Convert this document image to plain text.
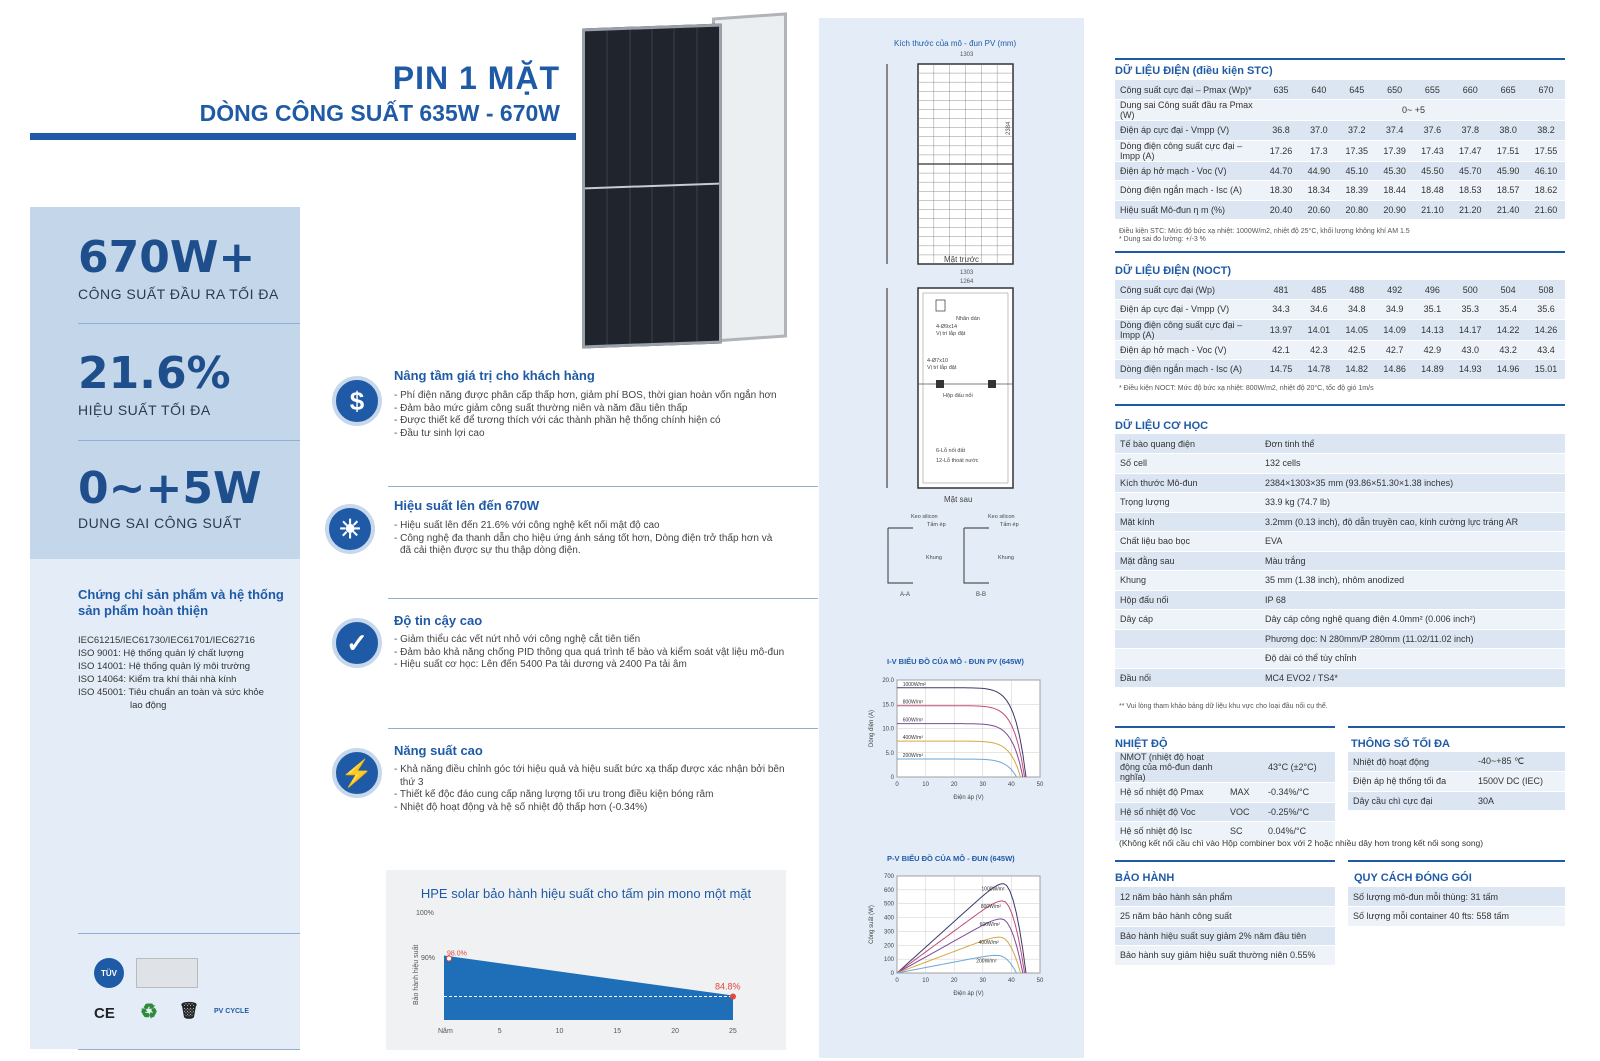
PIN 1 MẶT
DÒNG CÔNG SUẤT 635W - 670W
670W+
CÔNG SUẤT ĐẦU RA TỐI ĐA
21.6%
HIỆU SUẤT TỐI ĐA
0~+5W
DUNG SAI CÔNG SUẤT
Chứng chỉ sản phẩm và hệ thống sản phẩm hoàn thiện
IEC61215/IEC61730/IEC61701/IEC62716
ISO 9001: Hệ thống quản lý chất lượng
ISO 14001: Hệ thống quản lý môi trường
ISO 14064: Kiểm tra khí thải nhà kính
ISO 45001: Tiêu chuẩn an toàn và sức khỏe
lao động
TÜV
CE ♻ 🗑 PV CYCLE
$
Nâng tầm giá trị cho khách hàng
- Phí điện năng được phân cấp thấp hơn, giảm phí BOS, thời gian hoàn vốn ngắn hơn
- Đảm bảo mức giảm công suất thường niên và năm đầu tiên thấp
- Được thiết kế để tương thích với các thành phần hệ thống chính hiện có
- Đầu tư sinh lợi cao
☀
Hiệu suất lên đến 670W
- Hiệu suất lên đến 21.6% với công nghệ kết nối mật độ cao
- Công nghệ đa thanh dẫn cho hiệu ứng ánh sáng tốt hơn, Dòng điện trở thấp hơn và
đã cải thiện được sự thu thập dòng điện.
✓
Độ tin cậy cao
- Giảm thiểu các vết nứt nhỏ với công nghệ cắt tiên tiến
- Đảm bảo khả năng chống PID thông qua quá trình tế bào và kiểm soát vật liệu mô-đun
- Hiệu suất cơ học: Lên đến 5400 Pa tải dương và 2400 Pa tải âm
⚡
Năng suất cao
- Khả năng điều chỉnh góc tới hiệu quả và hiệu suất bức xạ thấp được xác nhận bởi bên
thứ 3
- Thiết kế độc đáo cung cấp năng lượng tối ưu trong điều kiện bóng râm
- Nhiệt độ hoạt động và hệ số nhiệt độ thấp hơn (-0.34%)
HPE solar bảo hành hiệu suất cho tấm pin mono một mặt
100%
90%
Bảo hành hiệu suất	98.0%
84.8%
Năm	5	10	15	20	25
Kích thước của mô - đun PV (mm)
1303
2384
Mặt trước
1303
1264
Nhãn dán
4-Ø9x14
Vị trí lắp đặt
4-Ø7x10
Vị trí lắp đặt
Hộp đấu nối
6-Lỗ nối đất
12-Lỗ thoát nước
Mặt sau
Keo silicon
Tấm ép
Khung
Keo silicon
Tấm ép
Khung
A-A	B-B
I-V BIỂU ĐỒ CỦA MÔ - ĐUN PV (645W)
0
5.0
10.0
15.0
20.0
0	10	20	30	40	50
Điện áp (V)
Dòng điện (A)
1000W/m²
800W/m²
600W/m²
400W/m²
200W/m²
P-V BIỂU ĐỒ CỦA MÔ - ĐUN (645W)
0
100
200
300
400
500
600
700
0	10	20	30	40	50
Điện áp (V)
Công suất (W)
1000W/m²
800W/m²
600W/m²
400W/m²
200W/m²
DỮ LIỆU ĐIỆN (điều kiện STC)
Công suất cực đại – Pmax (Wp)*	635	640	645	650	655	660	665	670
Dung sai Công suất đầu ra Pmax (W)	0~ +5							
Điện áp cực đại - Vmpp (V)	36.8	37.0	37.2	37.4	37.6	37.8	38.0	38.2
Dòng điện công suất cực đại – Impp (A)	17.26	17.3	17.35	17.39	17.43	17.47	17.51	17.55
Điện áp hở mạch - Voc (V)	44.70	44.90	45.10	45.30	45.50	45.70	45.90	46.10
Dòng điện ngắn mạch - Isc (A)	18.30	18.34	18.39	18.44	18.48	18.53	18.57	18.62
Hiệu suất Mô-đun η m (%)	20.40	20.60	20.80	20.90	21.10	21.20	21.40	21.60
Điều kiện STC: Mức độ bức xạ nhiệt: 1000W/m2, nhiệt độ 25°C, khối lượng không khí AM 1.5
* Dung sai đo lường: +/-3 %
DỮ LIỆU ĐIỆN (NOCT)
Công suất cực đại (Wp)	481	485	488	492	496	500	504	508
Điện áp cực đại - Vmpp (V)	34.3	34.6	34.8	34.9	35.1	35.3	35.4	35.6
Dòng điện công suất cực đại – Impp (A)	13.97	14.01	14.05	14.09	14.13	14.17	14.22	14.26
Điện áp hở mạch - Voc (V)	42.1	42.3	42.5	42.7	42.9	43.0	43.2	43.4
Dòng điện ngắn mạch - Isc (A)	14.75	14.78	14.82	14.86	14.89	14.93	14.96	15.01
* Điều kiện NOCT: Mức độ bức xạ nhiệt: 800W/m2, nhiệt độ 20°C, tốc độ gió 1m/s
DỮ LIỆU CƠ HỌC
Tế bào quang điện	Đơn tinh thể
Số cell	132 cells
Kích thước Mô-đun	2384×1303×35 mm (93.86×51.30×1.38 inches)
Trọng lượng	33.9 kg (74.7 lb)
Mặt kính	3.2mm (0.13 inch), độ dẫn truyền cao, kính cường lực tráng AR
Chất liệu bao bọc	EVA
Mặt đằng sau	Màu trắng
Khung	35 mm (1.38 inch), nhôm anodized
Hộp đấu nối	IP 68
Dây cáp	Dây cáp công nghệ quang điện 4.0mm² (0.006 inch²)
	Phương dọc: N 280mm/P 280mm (11.02/11.02 inch)
	Độ dài có thể tùy chỉnh
Đầu nối	MC4 EVO2 / TS4*
** Vui lòng tham khảo bảng dữ liệu khu vực cho loại đầu nối cụ thể.
NHIỆT ĐỘ
NMOT (nhiệt độ hoạt động của mô-đun danh nghĩa)		43°C (±2°C)
Hệ số nhiệt độ Pmax	MAX	-0.34%/°C
Hệ số nhiệt độ Voc	VOC	-0.25%/°C
Hệ số nhiệt độ Isc	SC	0.04%/°C
THÔNG SỐ TỐI ĐA
Nhiệt độ hoạt động	-40~+85 ℃
Điện áp hệ thống tối đa	1500V DC (IEC)
Dây cầu chì cực đại	30A
(Không kết nối cầu chì vào Hộp combiner box với 2 hoặc nhiều dây hơn trong kết nối song song)
BẢO HÀNH
12 năm bảo hành sản phẩm
25 năm bảo hành công suất
Bảo hành hiệu suất suy giảm 2% năm đầu tiên
Bảo hành suy giảm hiệu suất thường niên 0.55%
QUY CÁCH ĐÓNG GÓI
Số lượng mô-đun mỗi thùng: 31 tấm
Số lượng mỗi container 40 fts: 558 tấm
